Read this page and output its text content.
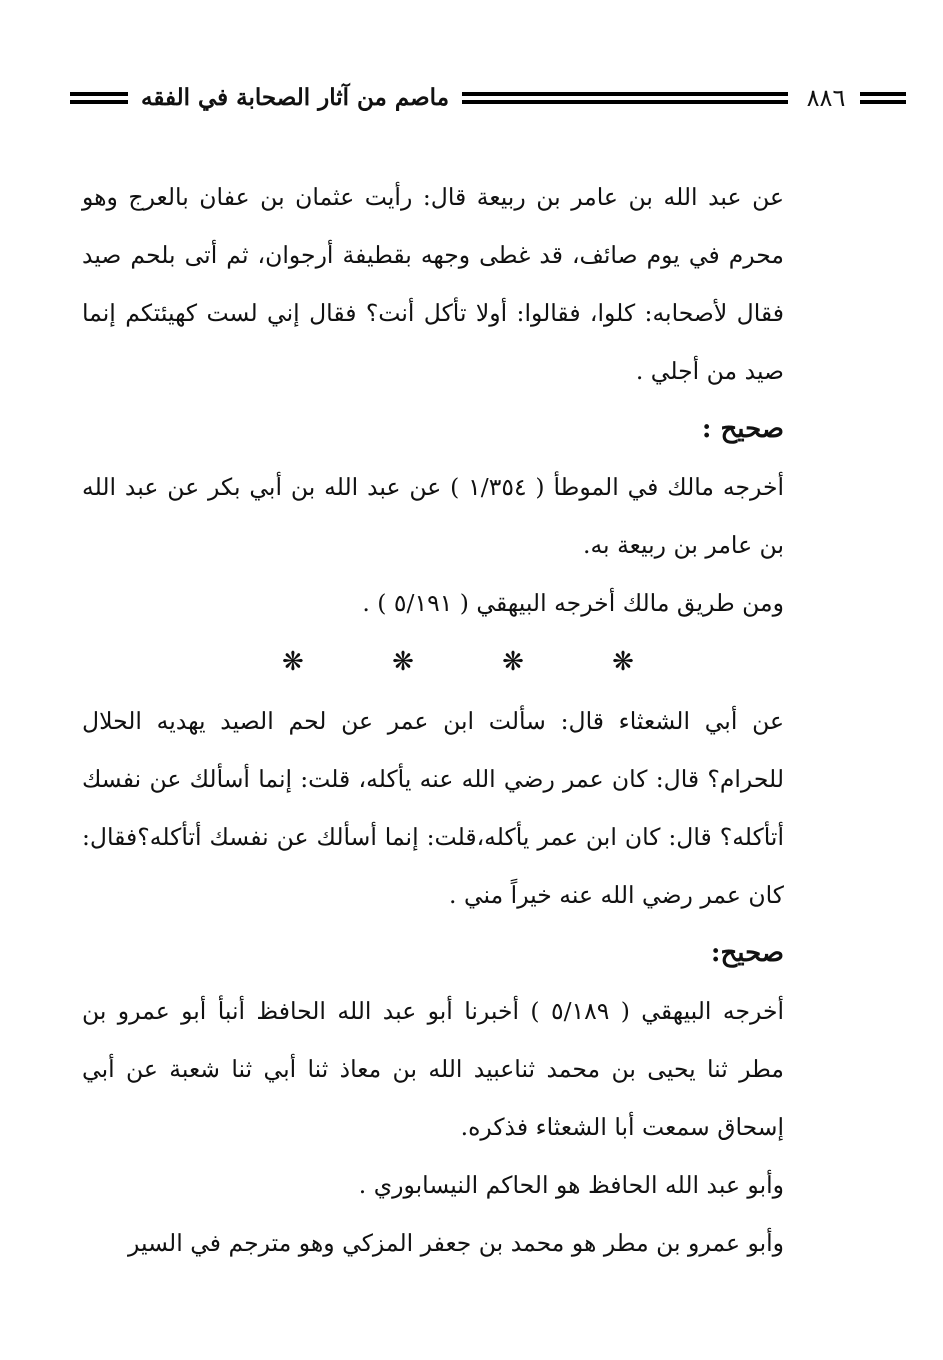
ماصم من آثار الصحابة في الفقه	٨٨٦

عن عبد الله بن عامر بن ربيعة قال: رأيت عثمان بن عفان بالعرج وهو محرم في يوم صائف، قد غطى وجهه بقطيفة أرجوان، ثم أتى بلحم صيد فقال لأصحابه: كلوا، فقالوا: أولا تأكل أنت؟ فقال إني لست كهيئتكم إنما صيد من أجلي .

صحيح :

أخرجه مالك في الموطأ ( ١/٣٥٤ ) عن عبد الله بن أبي بكر عن عبد الله بن عامر بن ربيعة به.

ومن طريق مالك أخرجه البيهقي ( ٥/١٩١ ) .

❋ ❋ ❋ ❋

عن أبي الشعثاء قال: سألت ابن عمر عن لحم الصيد يهديه الحلال للحرام؟ قال: كان عمر رضي الله عنه يأكله، قلت: إنما أسألك عن نفسك أتأكله؟ قال: كان ابن عمر يأكله،قلت: إنما أسألك عن نفسك أتأكله؟فقال: كان عمر رضي الله عنه خيراً مني .

صحيح:

أخرجه البيهقي ( ٥/١٨٩ ) أخبرنا أبو عبد الله الحافظ أنبأ أبو عمرو بن مطر ثنا يحيى بن محمد ثناعبيد الله بن معاذ ثنا أبي ثنا شعبة عن أبي إسحاق سمعت أبا الشعثاء فذكره.

وأبو عبد الله الحافظ هو الحاكم النيسابوري .

وأبو عمرو بن مطر هو محمد بن جعفر المزكي وهو مترجم في السير
